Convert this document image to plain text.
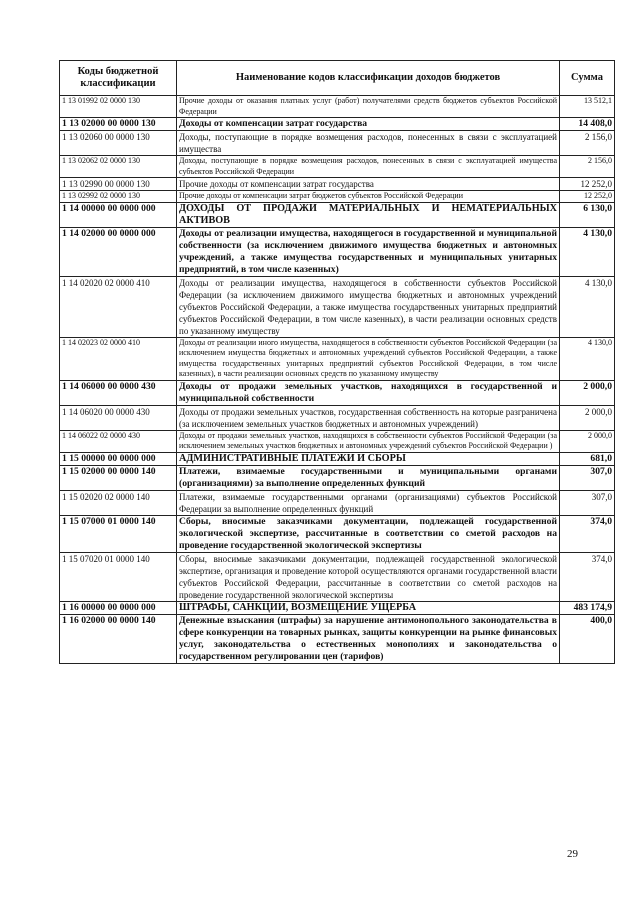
Коды бюджетной классификации	Наименование кодов классификации доходов бюджетов	Сумма
1 13 01992 02 0000 130	Прочие доходы от оказания платных услуг (работ) получателями средств бюджетов субъектов Российской Федерации	13 512,1
1 13 02000 00 0000 130	Доходы от компенсации затрат государства	14 408,0
1 13 02060 00 0000 130	Доходы, поступающие в порядке возмещения расходов, понесенных в связи с эксплуатацией имущества	2 156,0
1 13 02062 02 0000 130	Доходы, поступающие в порядке возмещения расходов, понесенных в связи с эксплуатацией имущества субъектов Российской Федерации	2 156,0
1 13 02990 00 0000 130	Прочие доходы от компенсации затрат государства	12 252,0
1 13 02992 02 0000 130	Прочие доходы от компенсации затрат бюджетов субъектов Российской Федерации	12 252,0
1 14 00000 00 0000 000	ДОХОДЫ ОТ ПРОДАЖИ МАТЕРИАЛЬНЫХ И НЕМАТЕРИАЛЬНЫХ АКТИВОВ	6 130,0
1 14 02000 00 0000 000	Доходы от реализации имущества, находящегося в государственной и муниципальной собственности (за исключением движимого имущества бюджетных и автономных учреждений, а также имущества государственных и муниципальных унитарных предприятий, в том числе казенных)	4 130,0
1 14 02020 02 0000 410	Доходы от реализации имущества, находящегося в собственности субъектов Российской Федерации (за исключением движимого имущества бюджетных и автономных учреждений субъектов Российской Федерации, а также имущества государственных унитарных предприятий субъектов Российской Федерации, в том числе казенных), в части реализации основных средств по указанному имуществу	4 130,0
1 14 02023 02 0000 410	Доходы от реализации иного имущества, находящегося в собственности субъектов Российской Федерации (за исключением имущества бюджетных и автономных учреждений субъектов Российской Федерации, а также имущества государственных унитарных предприятий субъектов Российской Федерации, в том числе казенных), в части реализации основных средств по указанному имуществу	4 130,0
1 14 06000 00 0000 430	Доходы от продажи земельных участков, находящихся в государственной и муниципальной собственности	2 000,0
1 14 06020 00 0000 430	Доходы от продажи земельных участков, государственная собственность на которые разграничена (за исключением земельных участков бюджетных и автономных учреждений)	2 000,0
1 14 06022 02 0000 430	Доходы от продажи земельных участков, находящихся в собственности субъектов Российской Федерации (за исключением земельных участков бюджетных и автономных учреждений субъектов Российской Федерации )	2 000,0
1 15 00000 00 0000 000	АДМИНИСТРАТИВНЫЕ ПЛАТЕЖИ И СБОРЫ	681,0
1 15 02000 00 0000 140	Платежи, взимаемые государственными и муниципальными органами (организациями) за выполнение определенных функций	307,0
1 15 02020 02 0000 140	Платежи, взимаемые государственными органами (организациями) субъектов Российской Федерации за выполнение определенных функций	307,0
1 15 07000 01 0000 140	Сборы, вносимые заказчиками документации, подлежащей государственной экологической экспертизе, рассчитанные в соответствии со сметой расходов на проведение государственной экологической экспертизы	374,0
1 15 07020 01 0000 140	Сборы, вносимые заказчиками документации, подлежащей государственной экологической экспертизе, организация и проведение которой осуществляются органами государственной власти субъектов Российской Федерации, рассчитанные в соответствии со сметой расходов на проведение государственной экологической экспертизы	374,0
1 16 00000 00 0000 000	ШТРАФЫ, САНКЦИИ, ВОЗМЕЩЕНИЕ УЩЕРБА	483 174,9
1 16 02000 00 0000 140	Денежные взыскания (штрафы) за нарушение антимонопольного законодательства в сфере конкуренции на товарных рынках, защиты конкуренции на рынке финансовых услуг, законодательства о естественных монополиях и законодательства о государственном регулировании цен (тарифов)	400,0
29
